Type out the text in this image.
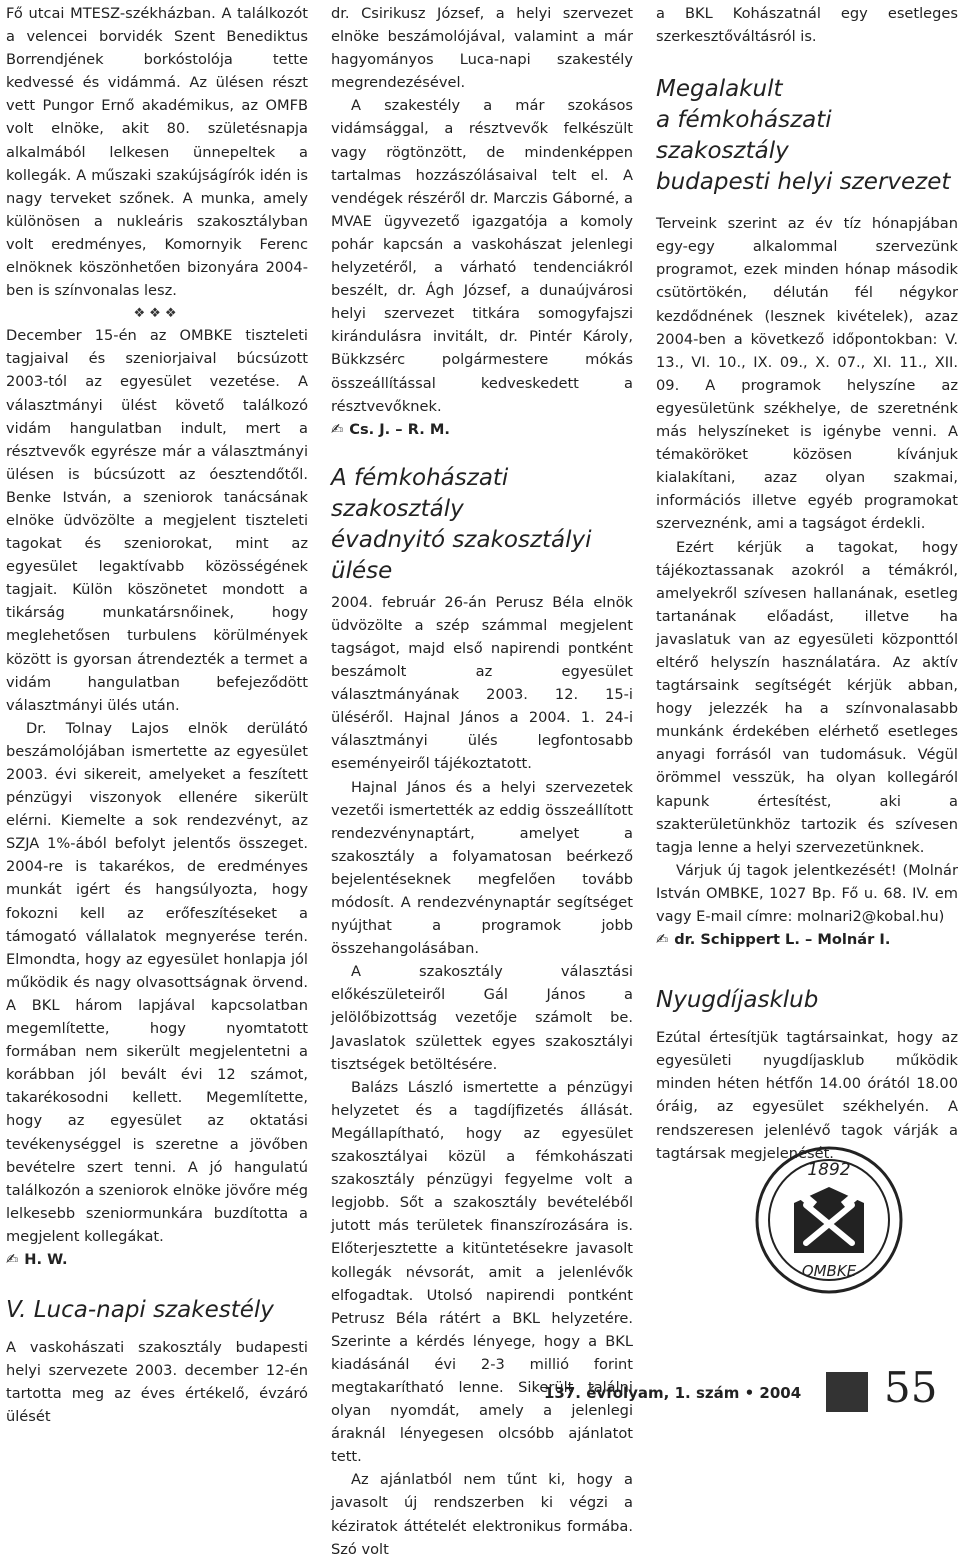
Fő utcai MTESZ-székházban. A találkozót a velencei borvidék Szent Benediktus Borrendjének borkóstolója tette kedvessé és vidámmá. Az ülésen részt vett Pungor Ernő akadémikus, az OMFB volt elnöke, akit 80. születésnapja alkalmából lelkesen ünnepeltek a kollegák. A műszaki szakújságírók idén is nagy terveket szőnek. A munka, amely különösen a nukleáris szakosztályban volt eredményes, Komornyik Ferenc elnöknek köszönhetően bizonyára 2004-ben is színvonalas lesz.

❖❖❖

December 15-én az OMBKE tiszteleti tagjaival és szeniorjaival búcsúzott 2003-tól az egyesület vezetése. A választmányi ülést követő találkozó vidám hangulatban indult, mert a résztvevők egyrésze már a választmányi ülésen is búcsúzott az óesztendőtől. Benke István, a szeniorok tanácsának elnöke üdvözölte a megjelent tiszteleti tagokat és szeniorokat, mint az egyesület legaktívabb közösségének tagjait. Külön köszönetet mondott a tikárság munkatársnőinek, hogy meglehetősen turbulens körülmények között is gyorsan átrendezték a termet a vidám hangulatban befejeződött választmányi ülés után.

Dr. Tolnay Lajos elnök derülátó beszámolójában ismertette az egyesület 2003. évi sikereit, amelyeket a feszített pénzügyi viszonyok ellenére sikerült elérni. Kiemelte a sok rendezvényt, az SZJA 1%-ából befolyt jelentős összeget. 2004-re is takarékos, de eredményes munkát igért és hangsúlyozta, hogy fokozni kell az erőfeszítéseket a támogató vállalatok megnyerése terén. Elmondta, hogy az egyesület honlapja jól működik és nagy olvasottságnak örvend. A BKL három lapjával kapcsolatban megemlítette, hogy nyomtatott formában nem sikerült megjelentetni a korábban jól bevált évi 12 számot, takarékosodni kellett. Megemlítette, hogy az egyesület az oktatási tevékenységgel is szeretne a jövőben bevételre szert tenni. A jó hangulatú találkozón a szeniorok elnöke jövőre még lelkesebb szeniormunkára buzdította a megjelent kollegákat.

✍ H. W.

V. Luca-napi szakestély

A vaskohászati szakosztály budapesti helyi szervezete 2003. december 12-én tartotta meg az éves értékelő, évzáró ülését

dr. Csirikusz József, a helyi szervezet elnöke beszámolójával, valamint a már hagyományos Luca-napi szakestély megrendezésével.

A szakestély a már szokásos vidámsággal, a résztvevők felkészült vagy rögtönzött, de mindenképpen tartalmas hozzászólásaival telt el. A vendégek részéről dr. Marczis Gáborné, a MVAE ügyvezető igazgatója a komoly pohár kapcsán a vaskohászat jelenlegi helyzetéről, a várható tendenciákról beszélt, dr. Ágh József, a dunaújvárosi helyi szervezet titkára somogyfajszi kirándulásra invitált, dr. Pintér Károly, Bükkzsérc polgármestere mókás összeállítással kedveskedett a résztvevőknek.

✍ Cs. J. – R. M.

A fémkohászati szakosztály
évadnyitó szakosztályi ülése

2004. február 26-án Perusz Béla elnök üdvözölte a szép számmal megjelent tagságot, majd első napirendi pontként beszámolt az egyesület választmányának 2003. 12. 15-i üléséről. Hajnal János a 2004. 1. 24-i választmányi ülés legfontosabb eseményeiről tájékoztatott.

Hajnal János és a helyi szervezetek vezetői ismertették az eddig összeállított rendezvénynaptárt, amelyet a szakosztály a folyamatosan beérkező bejelentéseknek megfelően tovább módosít. A rendezvénynaptár segítséget nyújthat a programok jobb összehangolásában.

A szakosztály választási előkészületeiről Gál János a jelölőbizottság vezetője számolt be. Javaslatok születtek egyes szakosztályi tisztségek betöltésére.

Balázs László ismertette a pénzügyi helyzetet és a tagdíjfizetés állását. Megállapítható, hogy az egyesület szakosztályai közül a fémkohászati szakosztály pénzügyi fegyelme volt a legjobb. Sőt a szakosztály bevételéből jutott más területek finanszírozására is. Előterjesztette a kitüntetésekre javasolt kollegák névsorát, amit a jelenlévők elfogadtak. Utolsó napirendi pontként Petrusz Béla rátért a BKL helyzetére. Szerinte a kérdés lényege, hogy a BKL kiadásánál évi 2-3 millió forint megtakarítható lenne. Sikerült találni olyan nyomdát, amely a jelenlegi áraknál lényegesen olcsóbb ajánlatot tett.

Az ajánlatból nem tűnt ki, hogy a javasolt új rendszerben ki végzi a kéziratok áttételét elektronikus formába. Szó volt

a BKL Kohászatnál egy esetleges szerkesztőváltásról is.

Megalakult
a fémkohászati szakosztály
budapesti helyi szervezet

Terveink szerint az év tíz hónapjában egy-egy alkalommal szervezünk programot, ezek minden hónap második csütörtökén, délután fél négykor kezdődnének (lesznek kivételek), azaz 2004-ben a következő időpontokban: V. 13., VI. 10., IX. 09., X. 07., XI. 11., XII. 09. A programok helyszíne az egyesületünk székhelye, de szeretnénk más helyszíneket is igénybe venni. A témaköröket közösen kívánjuk kialakítani, azaz olyan szakmai, információs illetve egyéb programokat szerveznénk, ami a tagságot érdekli.

Ezért kérjük a tagokat, hogy tájékoztassanak azokról a témákról, amelyekről szívesen hallanának, esetleg tartanának előadást, illetve ha javaslatuk van az egyesületi központtól eltérő helyszín használatára. Az aktív tagtársaink segítségét kérjük abban, hogy jelezzék ha a színvonalasabb munkánk érdekében elérhető esetleges anyagi forrásól van tudomásuk. Végül örömmel vesszük, ha olyan kollegáról kapunk értesítést, aki a szakterületünkhöz tartozik és szívesen tagja lenne a helyi szervezetünknek.

Várjuk új tagok jelentkezését! (Molnár István OMBKE, 1027 Bp. Fő u. 68. IV. em vagy E-mail címre: molnari2@kobal.hu)

✍ dr. Schippert L. – Molnár I.

Nyugdíjasklub

Ezútal értesítjük tagtársainkat, hogy az egyesületi nyugdíjasklub működik minden héten hétfőn 14.00 órától 18.00 óráig, az egyesület székhelyén. A rendszeresen jelenlévő tagok várják a tagtársak megjelenését.

1892
OMBKE
137. évfolyam, 1. szám • 2004 55
